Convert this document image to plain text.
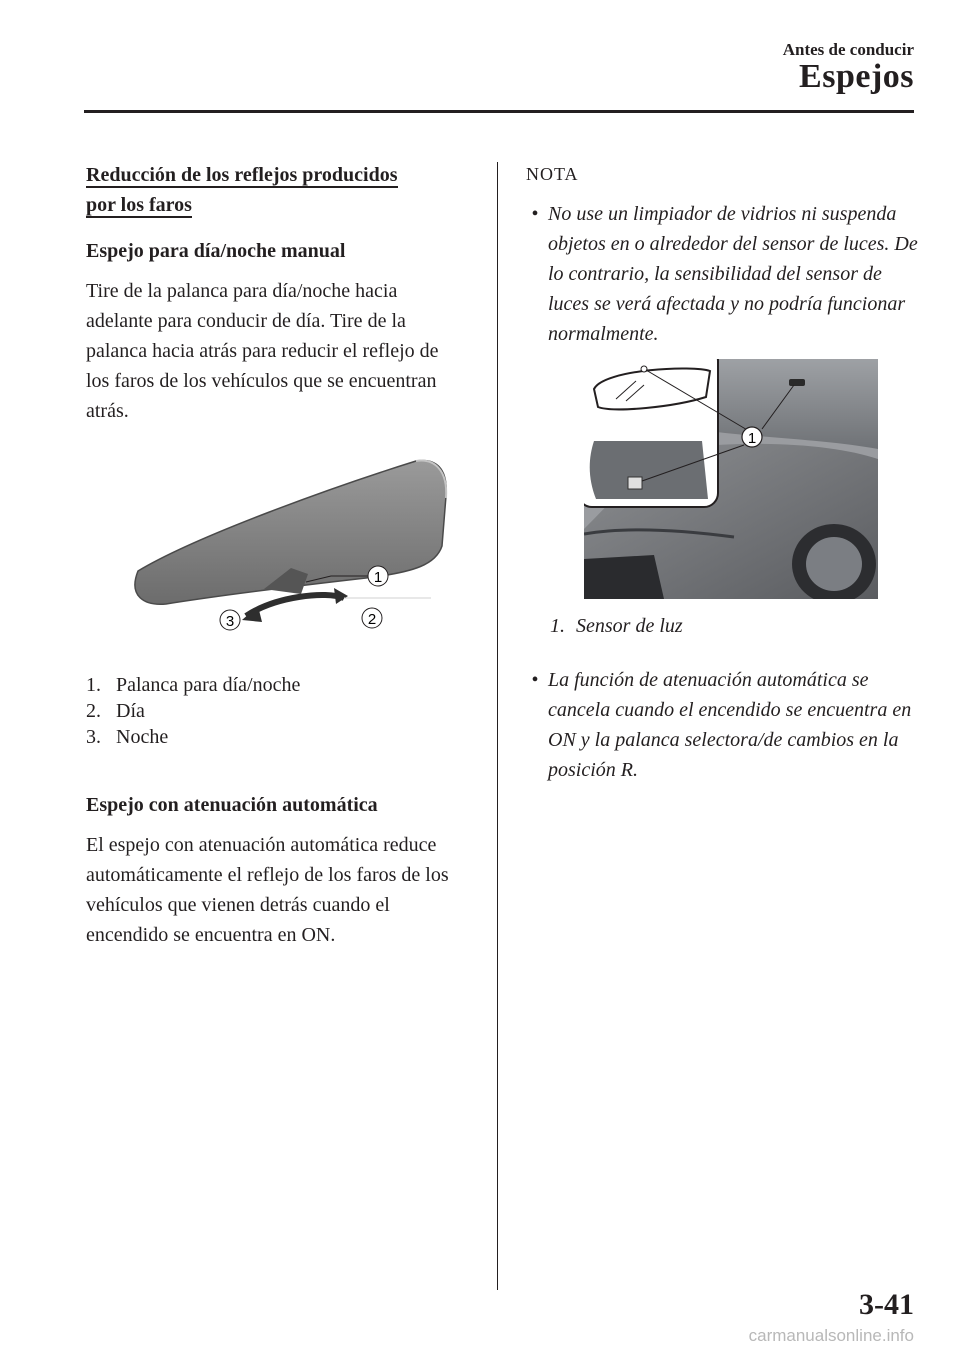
Antes de conducir
Espejos

Reducción de los reflejos producidos
por los faros

Espejo para día/noche manual

Tire de la palanca para día/noche hacia adelante para conducir de día. Tire de la palanca hacia atrás para reducir el reflejo de los faros de los vehículos que se encuentran atrás.

1
2
3
1. Palanca para día/noche
2. Día
3. Noche

Espejo con atenuación automática

El espejo con atenuación automática reduce automáticamente el reflejo de los faros de los vehículos que vienen detrás cuando el encendido se encuentra en ON.

NOTA
• No use un limpiador de vidrios ni suspenda objetos en o alrededor del sensor de luces. De lo contrario, la sensibilidad del sensor de luces se verá afectada y no podría funcionar normalmente.
1
1. Sensor de luz
• La función de atenuación automática se cancela cuando el encendido se encuentra en ON y la palanca selectora/de cambios en la posición R.
3-41
carmanualsonline.info
